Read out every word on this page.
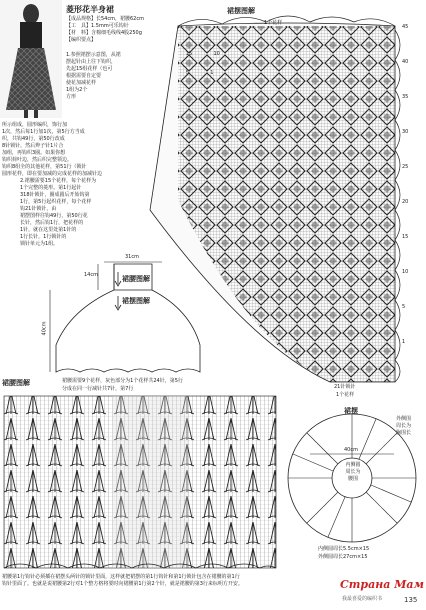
菱形花半身裙
【成品规格】长54cm，裙腰62cm
【工　具】1.5mm可乐钩针
【材　料】含棉细毛线线4股250g
【编织要点】
1.参照裙摆示意图，从裙
摆起针由上往下钩织，
先起15组花样（也可
根据需要自定要
使花加减花样
1组为2个
方形
所示组成，圆形编织，饰行加
1次，然后每1行加1次，第5行方当成
织，共钩49行，第50行改成
8针锁针，然后辫子针1片合
加组，再钩织3圈。如果你想
钩织荷叶边，然后织完整领边。
钩织8组全的其他花样，第51行（锁针
圆形花样，即在要加减的完成花样的加减针边
2.裙腰需要15个花样，每个花样为
1个完整的菱形。第1行起针
318针锁针，圈成圆后开始钩第
1行，第5行起织花样，每个花样
钩21针锁针，由
裙摆图样往钩49行，第50行花
长针，然后钩1行，把花样的
1针，就在这里处第1针的
1行长针，1行锁针的
锁针单元为1组。
裙摆图解
1个花样
45
40
35
30
25
20
15
10
5
1
15	10 5	1
21针锁针
1个花样
31cm
14cm
40cm
裙腰图解
裙摆图解
裙腰图解	裙腰需要9个花样，灰色部分为1个花样共24针，第5行
分成在同一行减针共7针，第7行
裙摆
40cm
外侧围
周长为
胸围长
内侧圆
周长为
腰围
内侧圆周长5.5cm×15
外侧圆周长27cm×15
裙腰第1行钩针必须插在裙摆头两针的锁针里面，这样就把裙摆的第1行钩针和第1行锁针包含在裙腰的第1行
钩针里面了。也就是说裙腰第2行对1个整方格将要时向裙腰第1行第2个针，就是裙腰的第3行来标明方开安。	Страна Мам
我最喜爱的编织书	135
